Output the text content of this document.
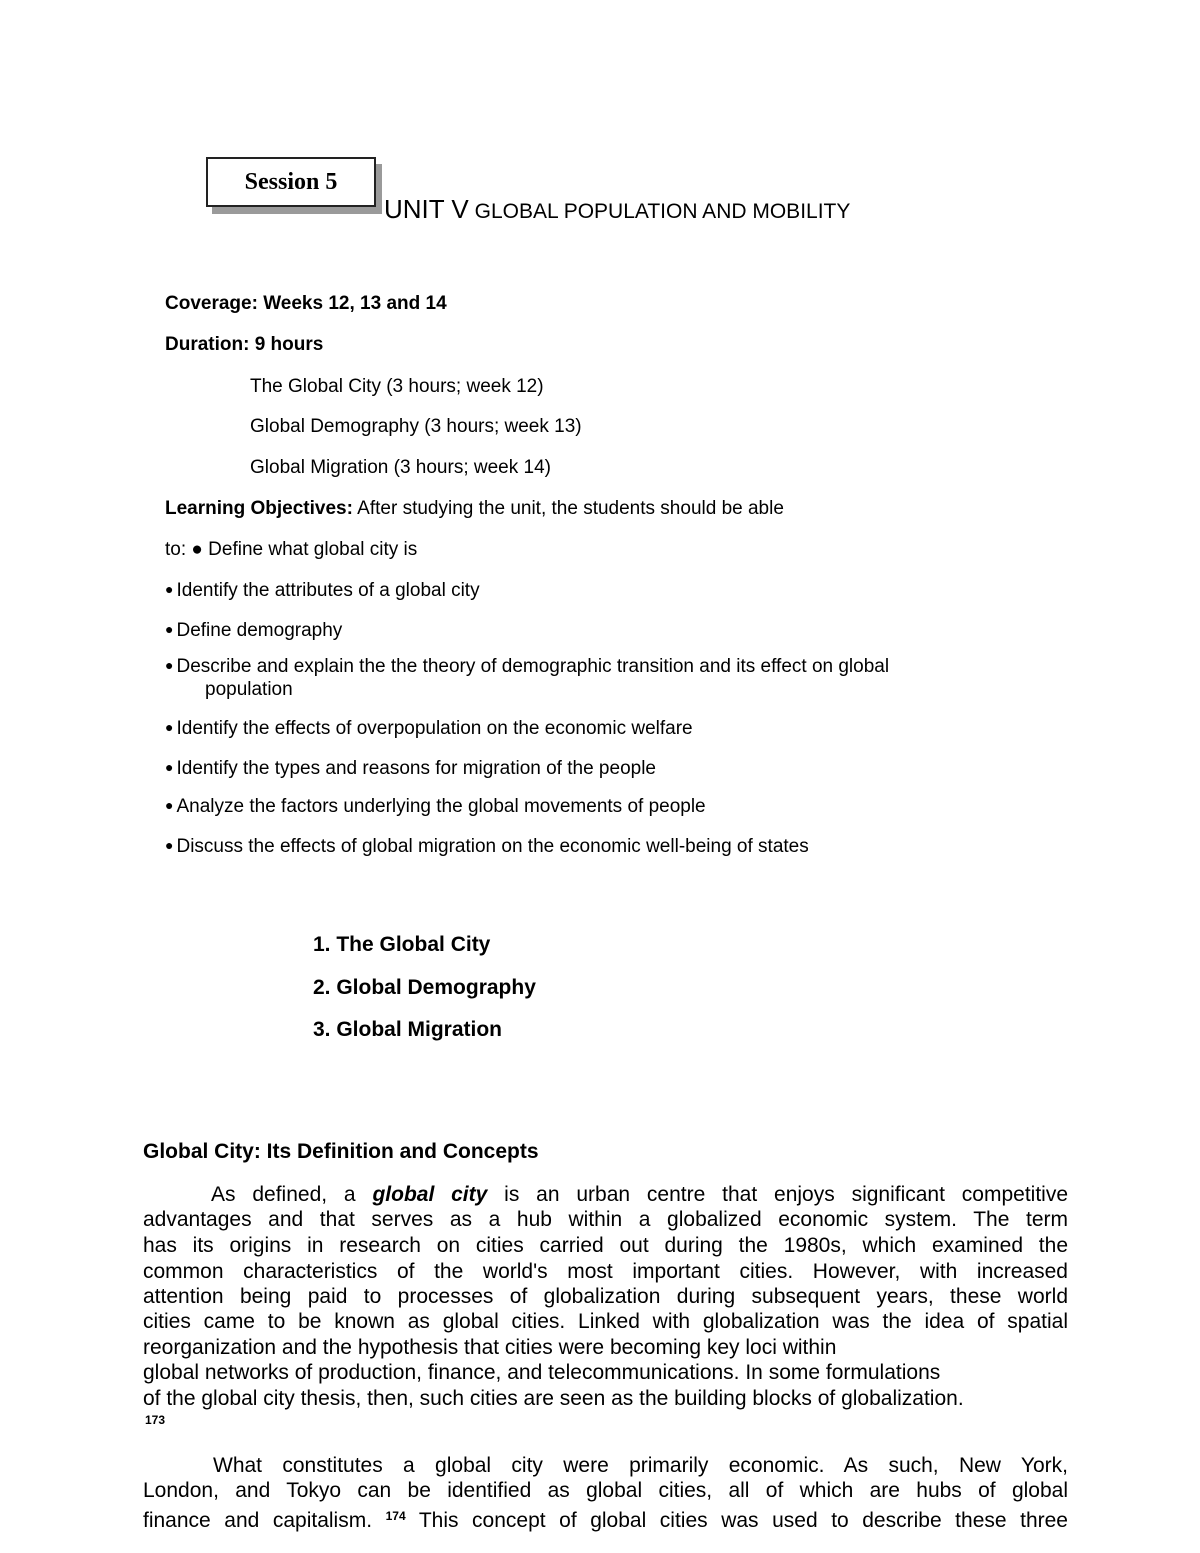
Session 5
UNIT V GLOBAL POPULATION AND MOBILITY
Coverage: Weeks 12, 13 and 14
Duration: 9 hours
The Global City (3 hours; week 12)
Global Demography (3 hours; week 13)
Global Migration (3 hours; week 14)
Learning Objectives: After studying the unit, the students should be able
to: ● Define what global city is
● Identify the attributes of a global city
● Define demography
● Describe and explain the the theory of demographic transition and its effect on global
population
● Identify the effects of overpopulation on the economic welfare
● Identify the types and reasons for migration of the people
● Analyze the factors underlying the global movements of people
● Discuss the effects of global migration on the economic well-being of states
1. The Global City
2. Global Demography
3. Global Migration
Global City: Its Definition and Concepts
As defined, a global city is an urban centre that enjoys significant competitive
advantages and that serves as a hub within a globalized economic system. The term
has its origins in research on cities carried out during the 1980s, which examined the
common characteristics of the world's most important cities. However, with increased
attention being paid to processes of globalization during subsequent years, these world
cities came to be known as global cities. Linked with globalization was the idea of spatial
reorganization and the hypothesis that cities were becoming key loci within
global networks of production, finance, and telecommunications. In some formulations
of the global city thesis, then, such cities are seen as the building blocks of globalization.
173
What constitutes a global city were primarily economic. As such, New York,
London, and Tokyo can be identified as global cities, all of which are hubs of global
finance and capitalism. $^{174}$ This concept of global cities was used to describe these three
